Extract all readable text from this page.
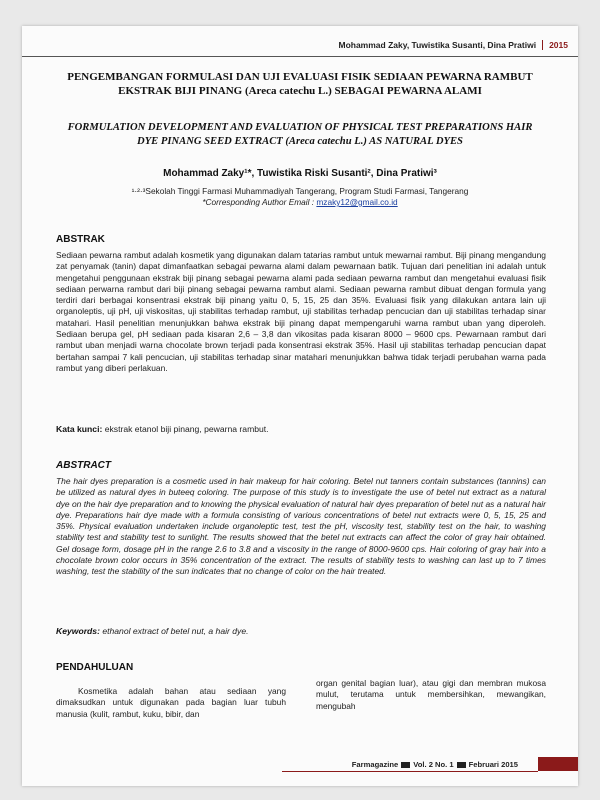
Mohammad Zaky, Tuwistika Susanti, Dina Pratiwi 2015
PENGEMBANGAN FORMULASI DAN UJI EVALUASI FISIK SEDIAAN PEWARNA RAMBUT EKSTRAK BIJI PINANG (Areca catechu L.) SEBAGAI PEWARNA ALAMI
FORMULATION DEVELOPMENT AND EVALUATION OF PHYSICAL TEST PREPARATIONS HAIR DYE PINANG SEED EXTRACT (Areca catechu L.) AS NATURAL DYES
Mohammad Zaky¹*, Tuwistika Riski Susanti², Dina Pratiwi³
¹·²·³Sekolah Tinggi Farmasi Muhammadiyah Tangerang, Program Studi Farmasi, Tangerang
*Corresponding Author Email : mzaky12@gmail.co.id
ABSTRAK
Sediaan pewarna rambut adalah kosmetik yang digunakan dalam tatarias rambut untuk mewarnai rambut. Biji pinang mengandung zat penyamak (tanin) dapat dimanfaatkan sebagai pewarna alami dalam pewarnaan batik. Tujuan dari penelitian ini adalah untuk mengetahui penggunaan ekstrak biji pinang sebagai pewarna alami pada sediaan pewarna rambut dan mengetahui evaluasi fisik sediaan perwarna rambut dari biji pinang sebagai pewarna rambut alami. Sediaan pewarna rambut dibuat dengan formula yang terdiri dari berbagai konsentrasi ekstrak biji pinang yaitu 0, 5, 15, 25 dan 35%. Evaluasi fisik yang dilakukan antara lain uji organoleptis, uji pH, uji viskositas, uji stabilitas terhadap rambut, uji stabilitas terhadap pencucian dan uji stabilitas terhadap sinar matahari. Hasil penelitian menunjukkan bahwa ekstrak biji pinang dapat mempengaruhi warna rambut uban yang diperoleh. Sediaan berupa gel, pH sediaan pada kisaran 2,6 – 3,8 dan vikositas pada kisaran 8000 – 9600 cps. Pewarnaan rambut dari rambut uban menjadi warna chocolate brown terjadi pada konsentrasi ekstrak 35%. Hasil uji stabilitas terhadap pencucian dapat bertahan sampai 7 kali pencucian, uji stabilitas terhadap sinar matahari menunjukkan bahwa tidak terjadi perubahan warna pada rambut yang diberi perlakuan.
Kata kunci: ekstrak etanol biji pinang, pewarna rambut.
ABSTRACT
The hair dyes preparation is a cosmetic used in hair makeup for hair coloring. Betel nut tanners contain substances (tannins) can be utilized as natural dyes in buteeq coloring. The purpose of this study is to investigate the use of betel nut extract as a natural dye on the hair dye preparation and to knowing the physical evaluation of natural hair dyes preparation of betel nut as a natural hair dye. Preparations hair dye made with a formula consisting of various concentrations of betel nut extracts were 0, 5, 15, 25 and 35%. Physical evaluation undertaken include organoleptic test, test the pH, viscosity test, stability test on the hair, to washing stability test and stability test to sunlight. The results showed that the betel nut extracts can affect the color of gray hair obtained. Gel dosage form, dosage pH in the range 2.6 to 3.8 and a viscosity in the range of 8000-9600 cps. Hair coloring of gray hair into a chocolate brown color occurs in 35% concentration of the extract. The results of stability tests to washing can last up to 7 times washing, test the stability of the sun indicates that no change of color on the hair treated.
Keywords: ethanol extract of betel nut, a hair dye.
PENDAHULUAN
Kosmetika adalah bahan atau sediaan yang dimaksudkan untuk digunakan pada bagian luar tubuh manusia (kulit, rambut, kuku, bibir, dan
organ genital bagian luar), atau gigi dan membran mukosa mulut, terutama untuk membersihkan, mewangikan, mengubah
Farmagazine Vol. 2 No. 1 Februari 2015
